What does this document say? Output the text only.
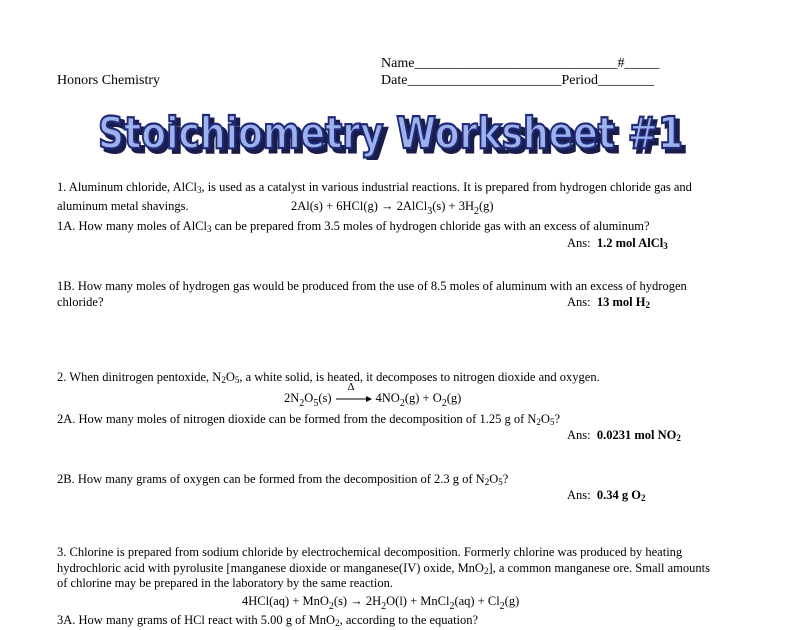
Honors Chemistry
Name_____________________________#_____
Date______________________Period________
Stoichiometry Worksheet #1
Stoichiometry Worksheet #1
1. Aluminum chloride, AlCl$_3$, is used as a catalyst in various industrial reactions. It is prepared from hydrogen chloride gas and
aluminum metal shavings.	2Al(s) + 6HCl(g) → 2AlCl$_3$(s) + $3H_2(g)$
1A. How many moles of AlCl$_3$ can be prepared from 3.5 moles of hydrogen chloride gas with an excess of aluminum?
Ans: 1.2 mol AlCl$_3$
1B. How many moles of hydrogen gas would be produced from the use of 8.5 moles of aluminum with an excess of hydrogen
chloride?	Ans: 13 mol $H_2$
2. When dinitrogen pentoxide, $N_2O_5$, a white solid, is heated, it decomposes to nitrogen dioxide and oxygen.
$2N_2O_5(s)$
Δ
$4NO_2(g) + O_2(g)$
2A. How many moles of nitrogen dioxide can be formed from the decomposition of 1.25 g of $N_2O_5$?
Ans: 0.0231 mol $NO_2$
2B. How many grams of oxygen can be formed from the decomposition of 2.3 g of $N_2O_5$?
Ans: 0.34 g $O_2$
3. Chlorine is prepared from sodium chloride by electrochemical decomposition. Formerly chlorine was produced by heating
hydrochloric acid with pyrolusite [manganese dioxide or manganese(IV) oxide, MnO$_2$], a common manganese ore. Small amounts
of chlorine may be prepared in the laboratory by the same reaction.
$4HCl(aq) + MnO_2(s) \to 2H_2O(l)$ + MnCl$_2$(aq) + $Cl_2(g)$
3A. How many grams of HCl react with 5.00 g of MnO$_2$, according to the equation?
